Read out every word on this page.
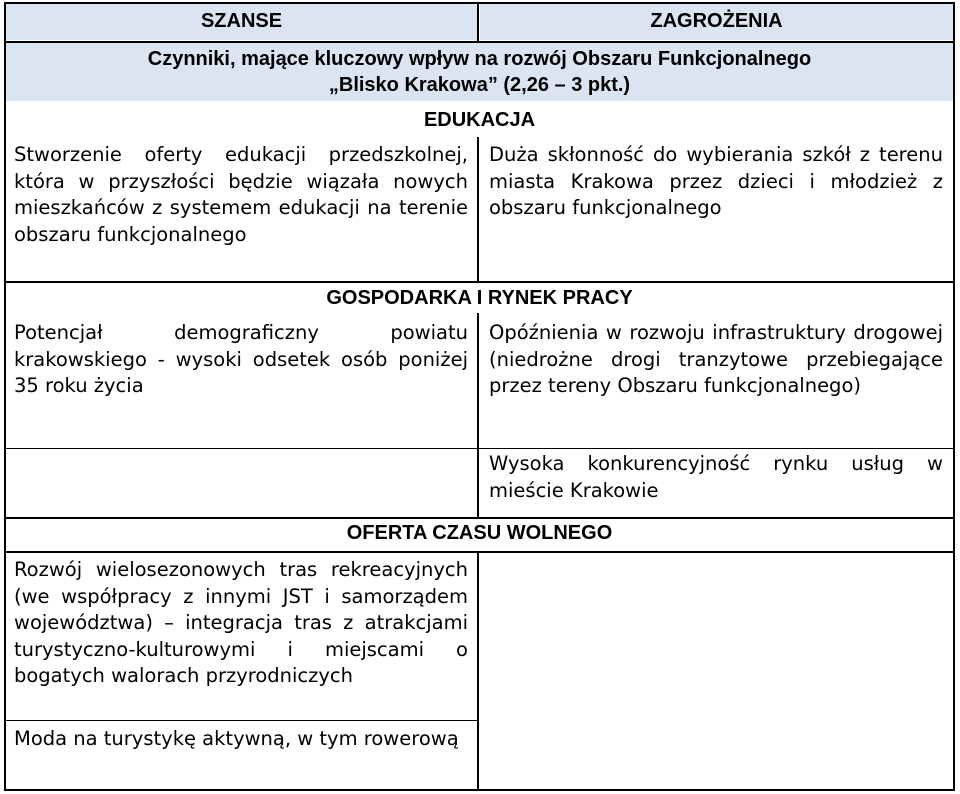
SZANSE	ZAGROŻENIA
Czynniki, mające kluczowy wpływ na rozwój Obszaru Funkcjonalnego
„Blisko Krakowa” (2,26 – 3 pkt.)
EDUKACJA
GOSPODARKA I RYNEK PRACY
OFERTA CZASU WOLNEGO
Stworzenie oferty edukacji przedszkolnej, która w przyszłości będzie wiązała nowych mieszkańców z systemem edukacji na terenie obszaru funkcjonalnego
Duża skłonność do wybierania szkół z terenu miasta Krakowa przez dzieci i młodzież z obszaru funkcjonalnego
Potencjał demograficzny powiatu krakowskiego - wysoki odsetek osób poniżej 35 roku życia
Opóźnienia w rozwoju infrastruktury drogowej (niedrożne drogi tranzytowe przebiegające przez tereny Obszaru funkcjonalnego)
Wysoka konkurencyjność rynku usług w mieście Krakowie
Rozwój wielosezonowych tras rekreacyjnych (we współpracy z innymi JST i samorządem województwa) – integracja tras z atrakcjami turystyczno-kulturowymi i miejscami o bogatych walorach przyrodniczych
Moda na turystykę aktywną, w tym rowerową
